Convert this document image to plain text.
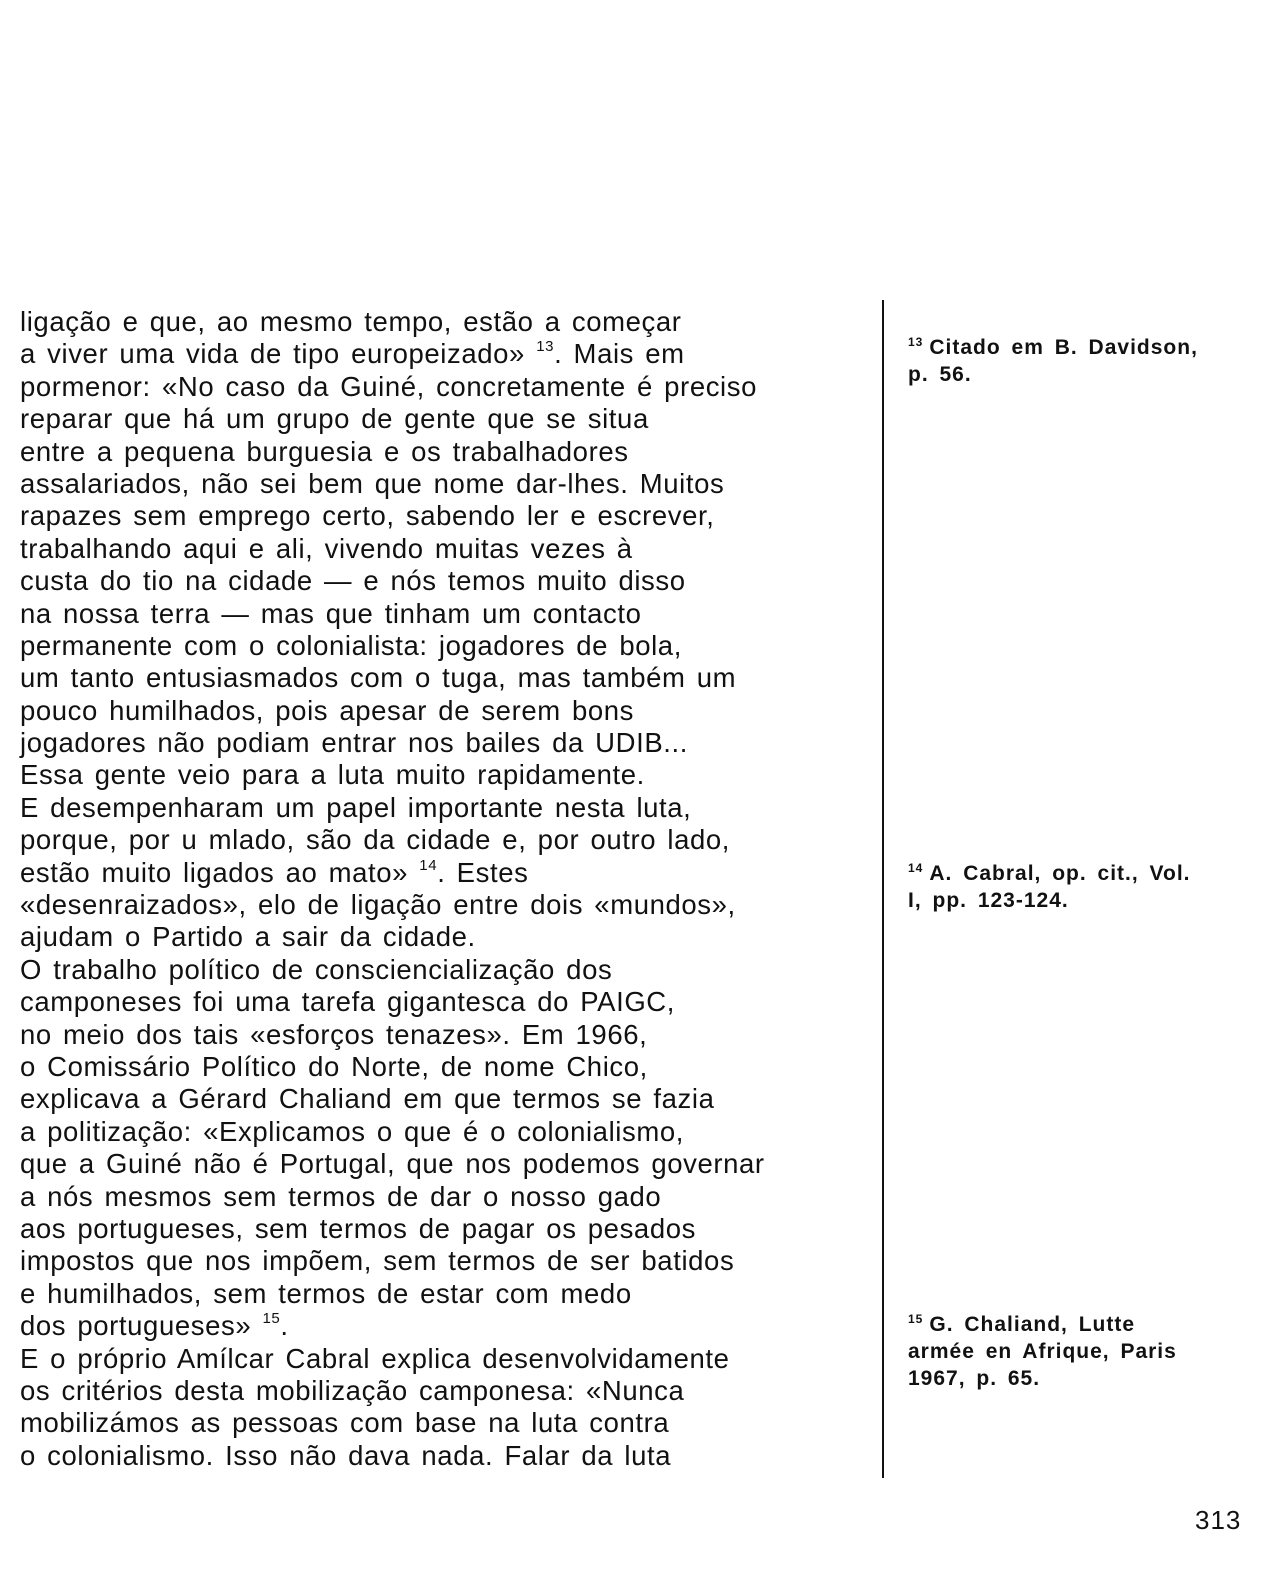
ligação e que, ao mesmo tempo, estão a começar
a viver uma vida de tipo europeizado» $^{13}$. Mais em
pormenor: «No caso da Guiné, concretamente é preciso
reparar que há um grupo de gente que se situa
entre a pequena burguesia e os trabalhadores
assalariados, não sei bem que nome dar-lhes. Muitos
rapazes sem emprego certo, sabendo ler e escrever,
trabalhando aqui e ali, vivendo muitas vezes à
custa do tio na cidade — e nós temos muito disso
na nossa terra — mas que tinham um contacto
permanente com o colonialista: jogadores de bola,
um tanto entusiasmados com o tuga, mas também um
pouco humilhados, pois apesar de serem bons
jogadores não podiam entrar nos bailes da UDIB...
Essa gente veio para a luta muito rapidamente.
E desempenharam um papel importante nesta luta,
porque, por u mlado, são da cidade e, por outro lado,
estão muito ligados ao mato» $^{14}$. Estes
«desenraizados», elo de ligação entre dois «mundos»,
ajudam o Partido a sair da cidade.
O trabalho político de consciencialização dos
camponeses foi uma tarefa gigantesca do PAIGC,
no meio dos tais «esforços tenazes». Em 1966,
o Comissário Político do Norte, de nome Chico,
explicava a Gérard Chaliand em que termos se fazia
a politização: «Explicamos o que é o colonialismo,
que a Guiné não é Portugal, que nos podemos governar
a nós mesmos sem termos de dar o nosso gado
aos portugueses, sem termos de pagar os pesados
impostos que nos impõem, sem termos de ser batidos
e humilhados, sem termos de estar com medo
dos portugueses» $^{15}$.
E o próprio Amílcar Cabral explica desenvolvidamente
os critérios desta mobilização camponesa: «Nunca
mobilizámos as pessoas com base na luta contra
o colonialismo. Isso não dava nada. Falar da luta
$^{13}$ Citado em B. Davidson, p. 56.
$^{14}$ A. Cabral, op. cit., Vol. I, pp. 123-124.
$^{15}$ G. Chaliand, Lutte armée en Afrique, Paris 1967, p. 65.
313
